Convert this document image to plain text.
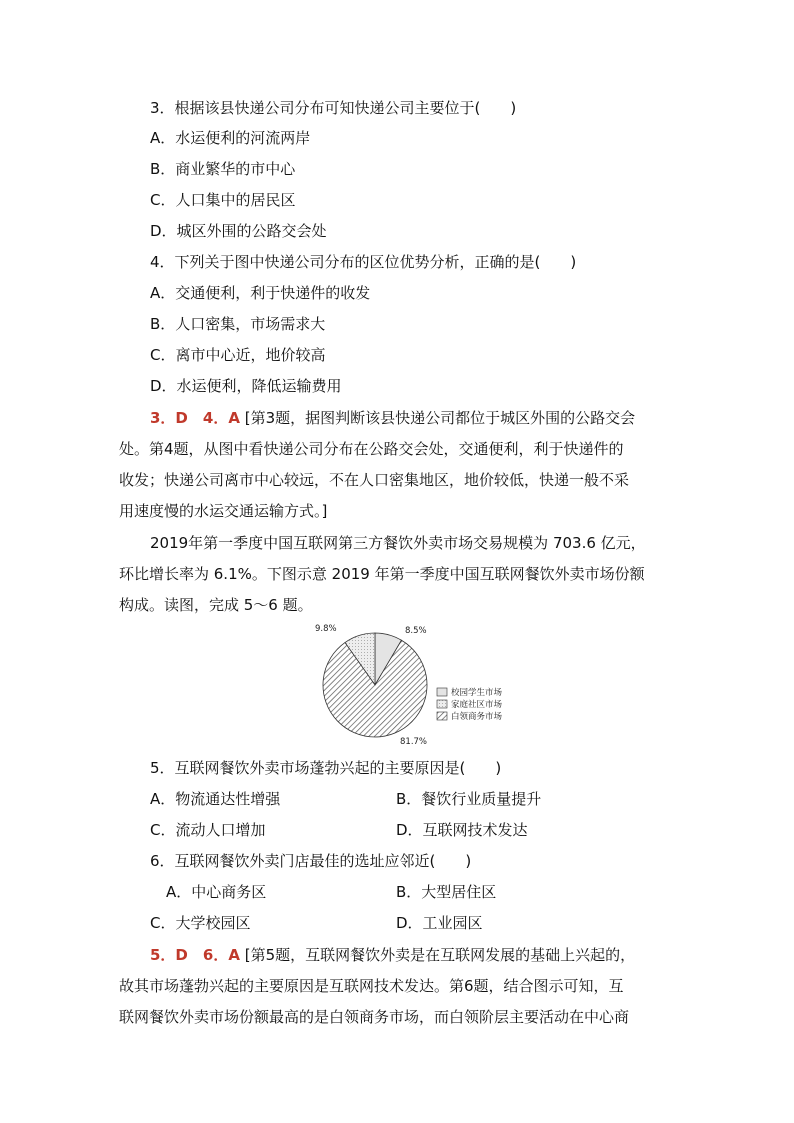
3．根据该县快递公司分布可知快递公司主要位于(　　)
A．水运便利的河流两岸
B．商业繁华的市中心
C．人口集中的居民区
D．城区外围的公路交会处
4．下列关于图中快递公司分布的区位优势分析，正确的是(　　)
A．交通便利，利于快递件的收发
B．人口密集，市场需求大
C．离市中心近，地价较高
D．水运便利，降低运输费用
3．D　4．A [第3题，据图判断该县快递公司都位于城区外围的公路交会
处。第4题，从图中看快递公司分布在公路交会处，交通便利，利于快递件的
收发；快递公司离市中心较远，不在人口密集地区，地价较低，快递一般不采
用速度慢的水运交通运输方式。]
2019年第一季度中国互联网第三方餐饮外卖市场交易规模为 703.6 亿元，
环比增长率为 6.1%。下图示意 2019 年第一季度中国互联网餐饮外卖市场份额
构成。读图，完成 5～6 题。
校园学生市场
家庭社区市场
白领商务市场
8.5%
9.8%
81.7%
5．互联网餐饮外卖市场蓬勃兴起的主要原因是(　　)
A．物流通达性增强	B．餐饮行业质量提升
C．流动人口增加	D．互联网技术发达
6．互联网餐饮外卖门店最佳的选址应邻近(　　)
A．中心商务区	B．大型居住区
C．大学校园区	D．工业园区
5．D　6．A [第5题，互联网餐饮外卖是在互联网发展的基础上兴起的，
故其市场蓬勃兴起的主要原因是互联网技术发达。第6题，结合图示可知，互
联网餐饮外卖市场份额最高的是白领商务市场，而白领阶层主要活动在中心商
